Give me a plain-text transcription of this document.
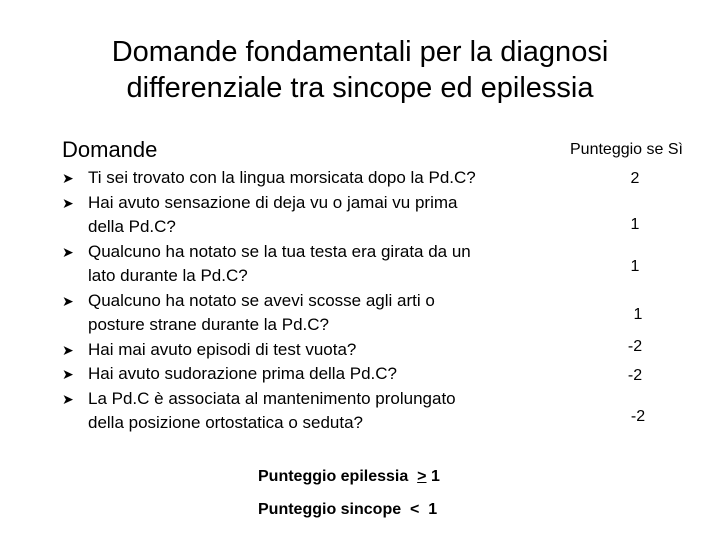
Domande fondamentali per la diagnosi
differenziale tra sincope ed epilessia
Domande	Punteggio se Sì
➤ Ti sei trovato con la lingua morsicata dopo la Pd.C?
➤ Hai avuto sensazione di deja vu o jamai vu prima
della Pd.C?
➤ Qualcuno ha notato se la tua testa era girata da un
lato durante la Pd.C?
➤ Qualcuno ha notato se avevi scosse agli arti o
posture strane durante la Pd.C?
➤ Hai mai avuto episodi di test vuota?
➤ Hai avuto sudorazione prima della Pd.C?
➤ La Pd.C è associata al mantenimento prolungato
della posizione ortostatica o seduta?
2
1
1
1
-2
-2
-2
Punteggio epilessia ≥ 1
Punteggio sincope < 1
